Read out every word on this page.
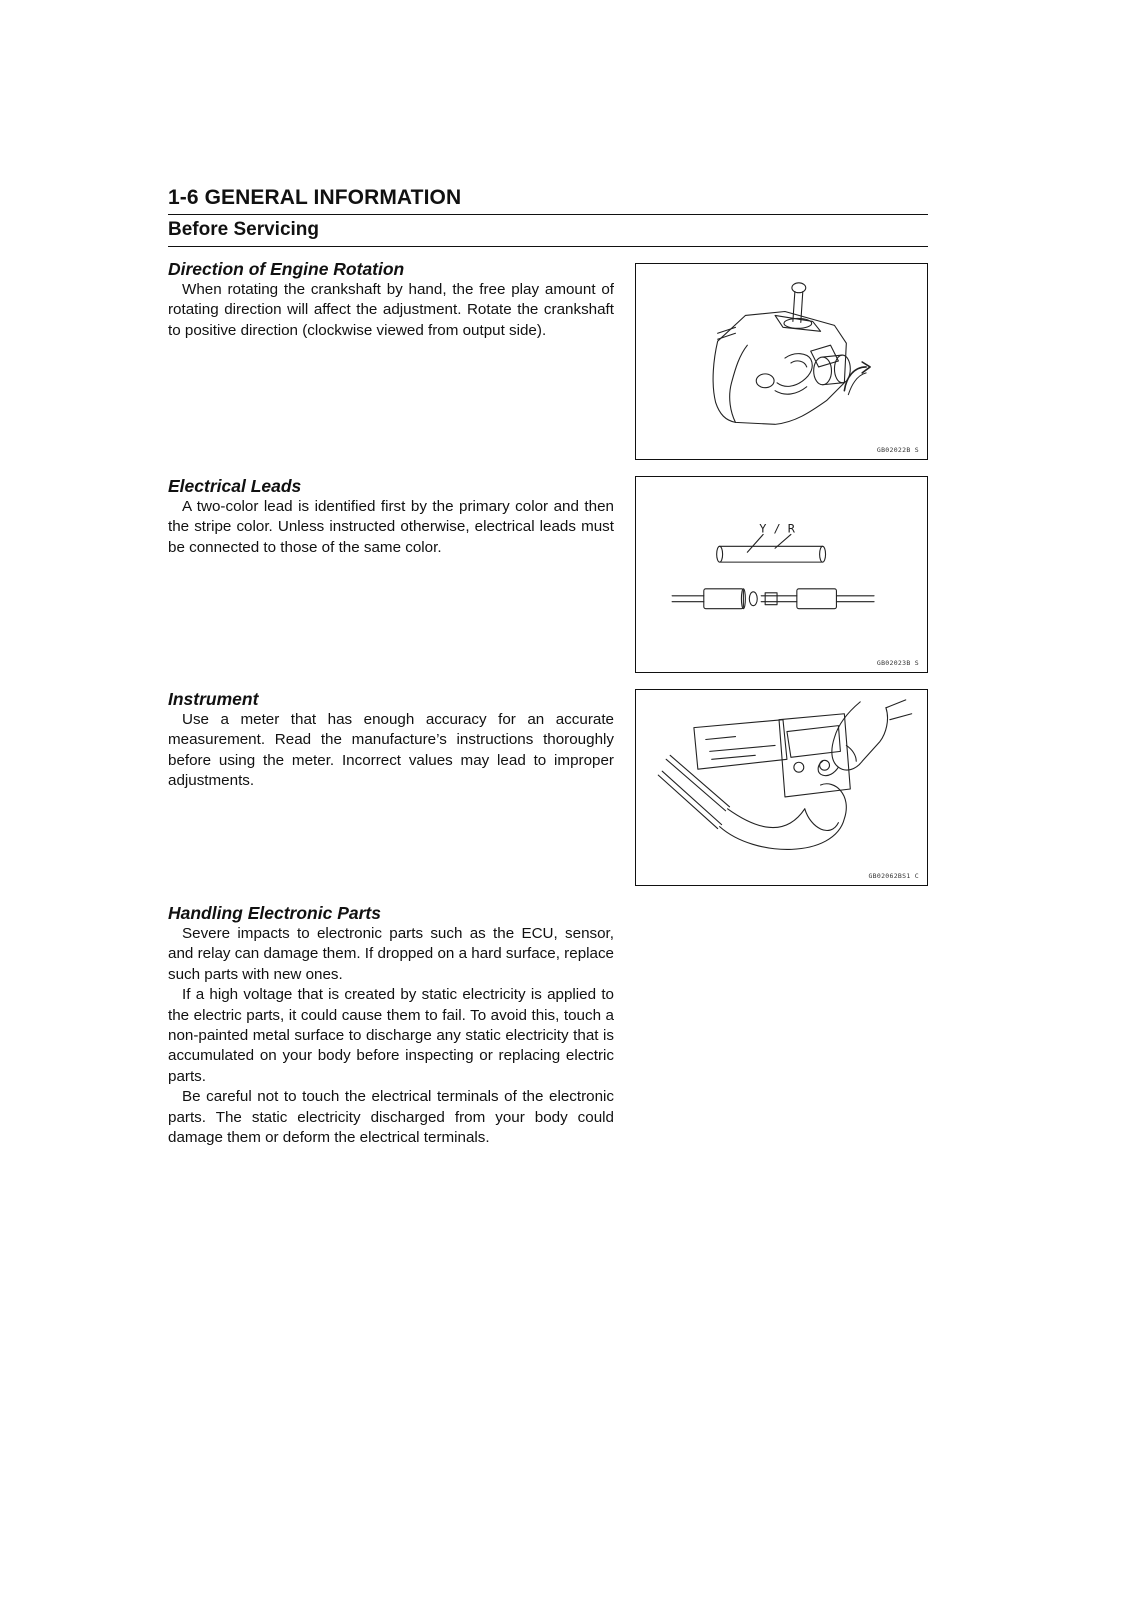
1-6 GENERAL INFORMATION
Before Servicing
Direction of Engine Rotation

When rotating the crankshaft by hand, the free play amount of rotating direction will affect the adjustment. Rotate the crankshaft to positive direction (clockwise viewed from output side).

Electrical Leads

A two-color lead is identified first by the primary color and then the stripe color. Unless instructed otherwise, electrical leads must be connected to those of the same color.

Instrument

Use a meter that has enough accuracy for an accurate measurement. Read the manufacture’s instructions thoroughly before using the meter. Incorrect values may lead to improper adjustments.

Handling Electronic Parts

Severe impacts to electronic parts such as the ECU, sensor, and relay can damage them. If dropped on a hard surface, replace such parts with new ones.

If a high voltage that is created by static electricity is applied to the electric parts, it could cause them to fail. To avoid this, touch a non-painted metal surface to discharge any static electricity that is accumulated on your body before inspecting or replacing electric parts.

Be careful not to touch the electrical terminals of the electronic parts. The static electricity discharged from your body could damage them or deform the electrical terminals.

GB02022B S
Y / R
GB02023B S
GB02062BS1 C
